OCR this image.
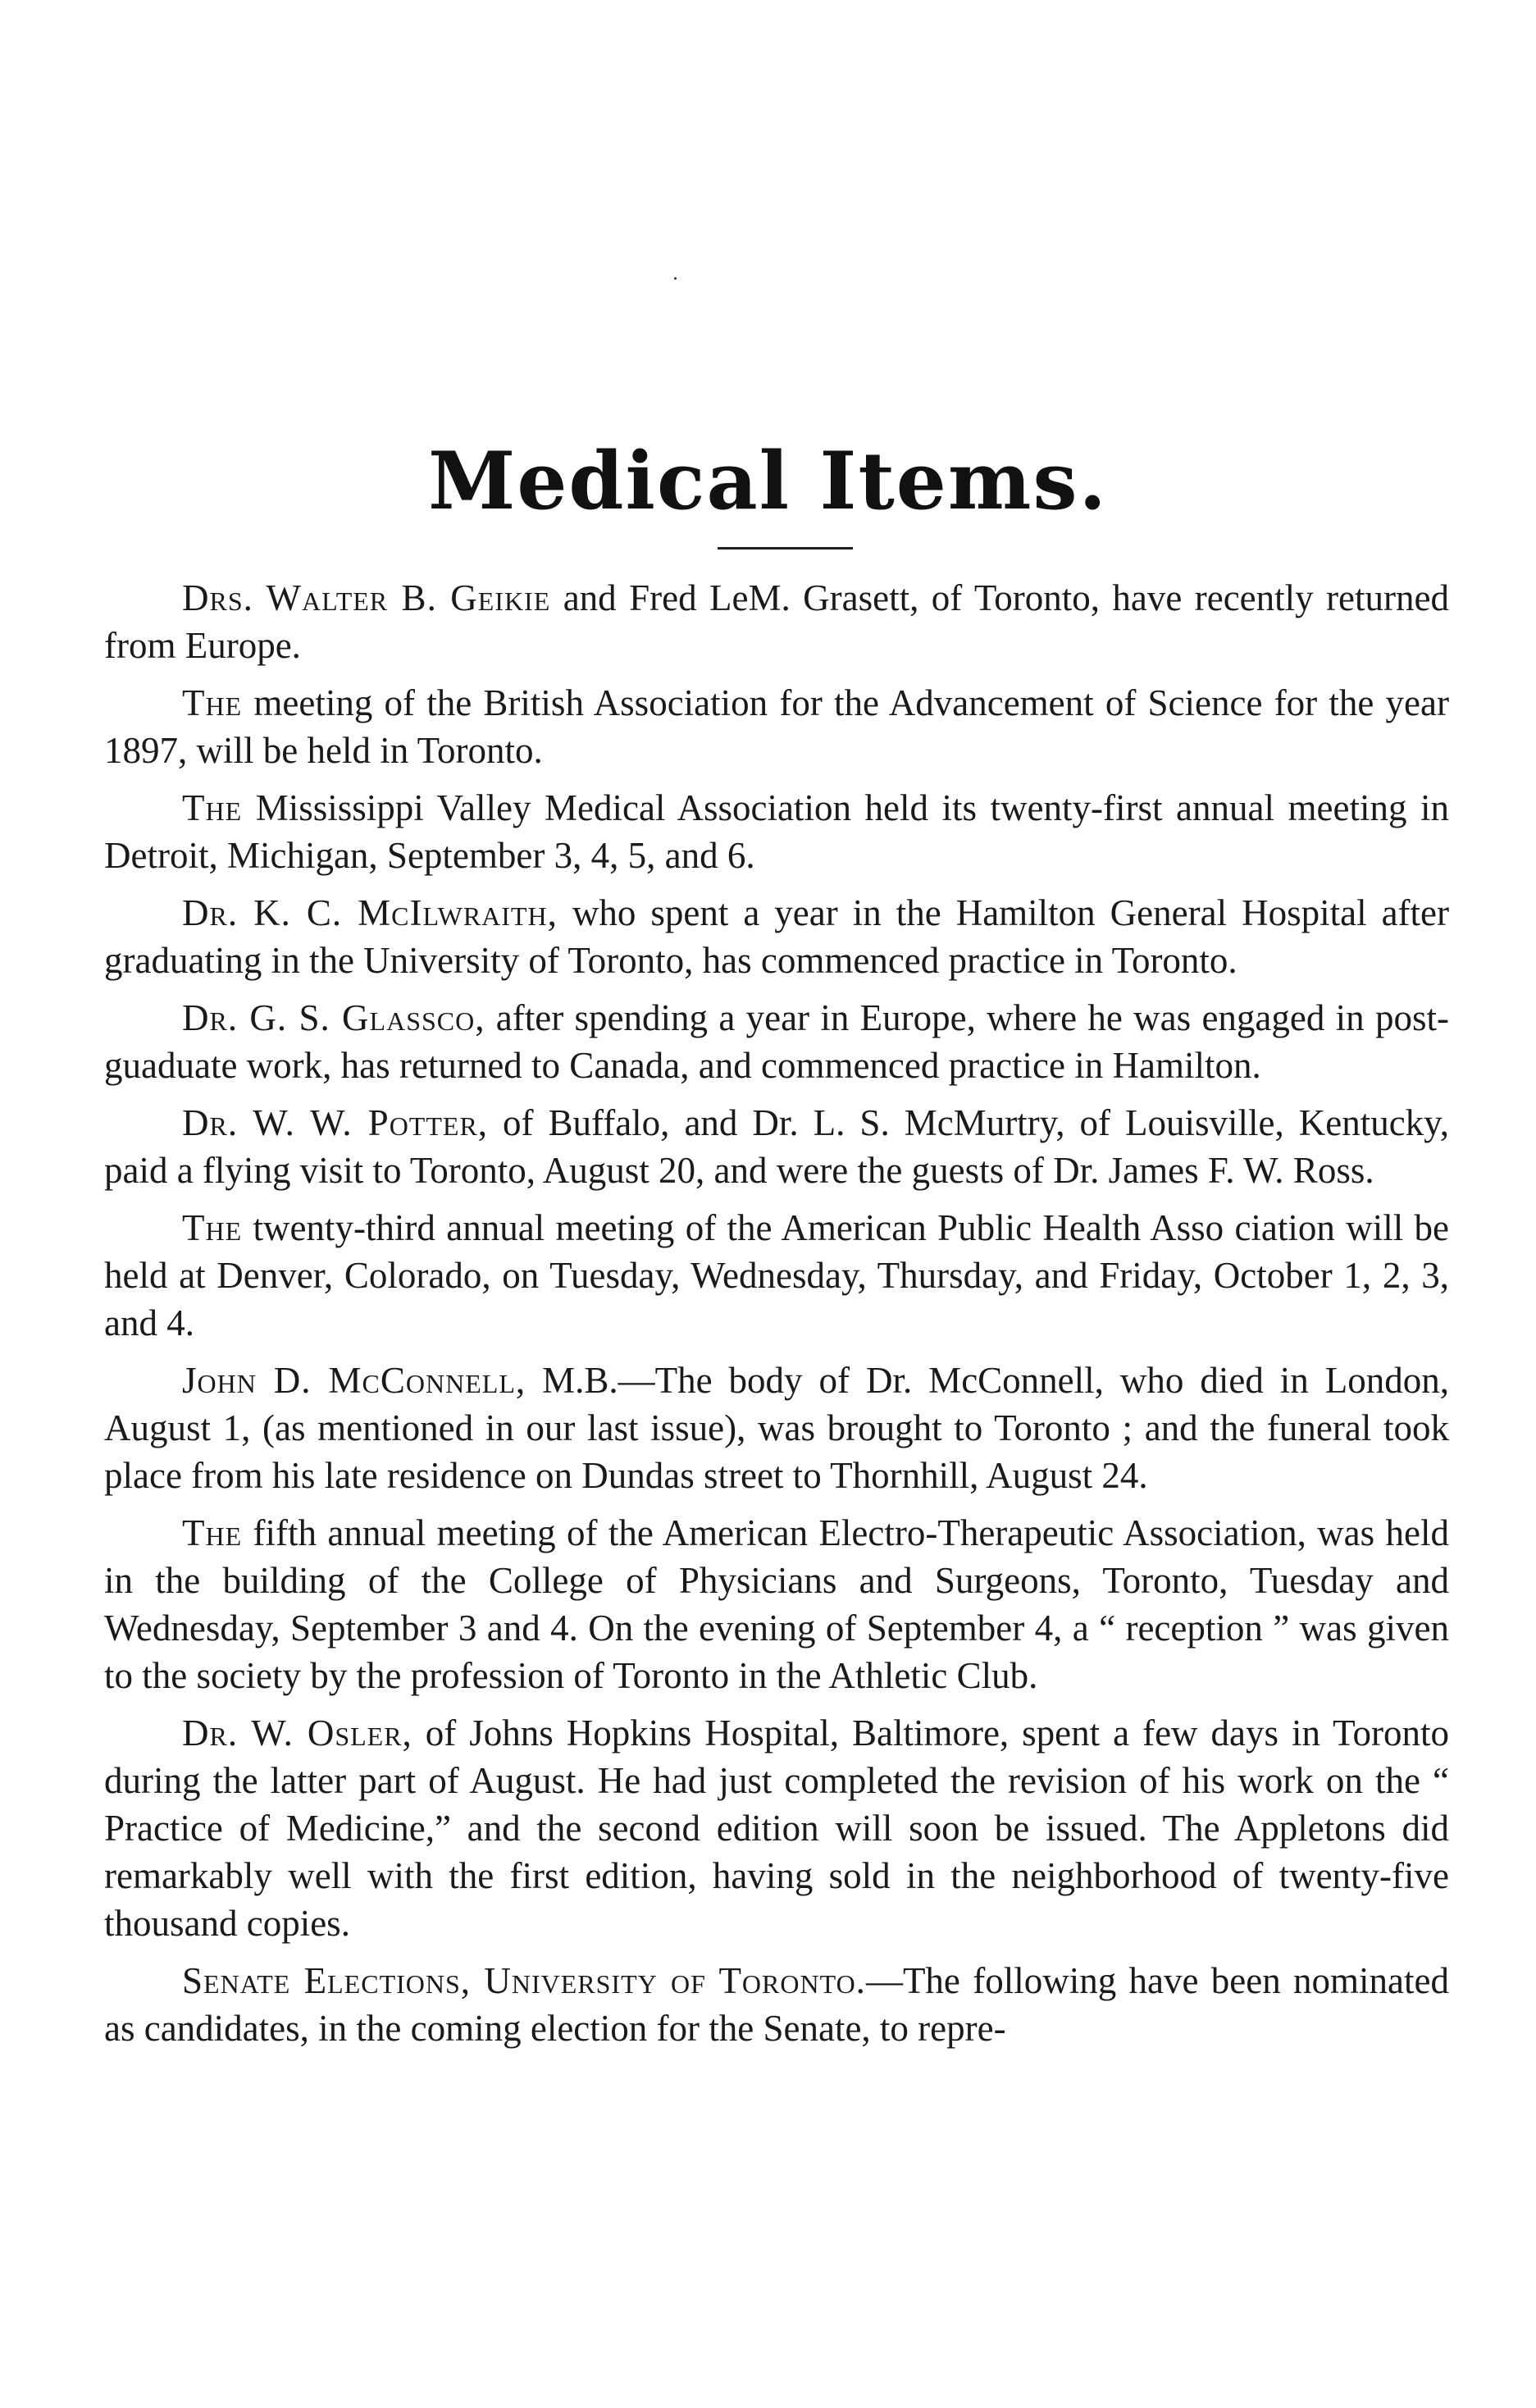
Medical Items.

Drs. Walter B. Geikie and Fred LeM. Grasett, of Toronto, have recently returned from Europe.

The meeting of the British Association for the Advancement of Science for the year 1897, will be held in Toronto.

The Mississippi Valley Medical Association held its twenty-first annual meeting in Detroit, Michigan, September 3, 4, 5, and 6.

Dr. K. C. McIlwraith, who spent a year in the Hamilton General Hospital after graduating in the University of Toronto, has commenced practice in Toronto.

Dr. G. S. Glassco, after spending a year in Europe, where he was engaged in post-guaduate work, has returned to Canada, and commenced practice in Hamilton.

Dr. W. W. Potter, of Buffalo, and Dr. L. S. McMurtry, of Louisville, Kentucky, paid a flying visit to Toronto, August 20, and were the guests of Dr. James F. W. Ross.

The twenty-third annual meeting of the American Public Health Asso ciation will be held at Denver, Colorado, on Tuesday, Wednesday, Thursday, and Friday, October 1, 2, 3, and 4.

John D. McConnell, M.B.—The body of Dr. McConnell, who died in London, August 1, (as mentioned in our last issue), was brought to Toronto ; and the funeral took place from his late residence on Dundas street to Thornhill, August 24.

The fifth annual meeting of the American Electro-Therapeutic Association, was held in the building of the College of Physicians and Surgeons, Toronto, Tuesday and Wednesday, September 3 and 4. On the evening of September 4, a “ reception ” was given to the society by the profession of Toronto in the Athletic Club.

Dr. W. Osler, of Johns Hopkins Hospital, Baltimore, spent a few days in Toronto during the latter part of August. He had just completed the revision of his work on the “ Practice of Medicine,” and the second edition will soon be issued. The Appletons did remarkably well with the first edition, having sold in the neighborhood of twenty-five thousand copies.

Senate Elections, University of Toronto.—The following have been nominated as candidates, in the coming election for the Senate, to repre-
